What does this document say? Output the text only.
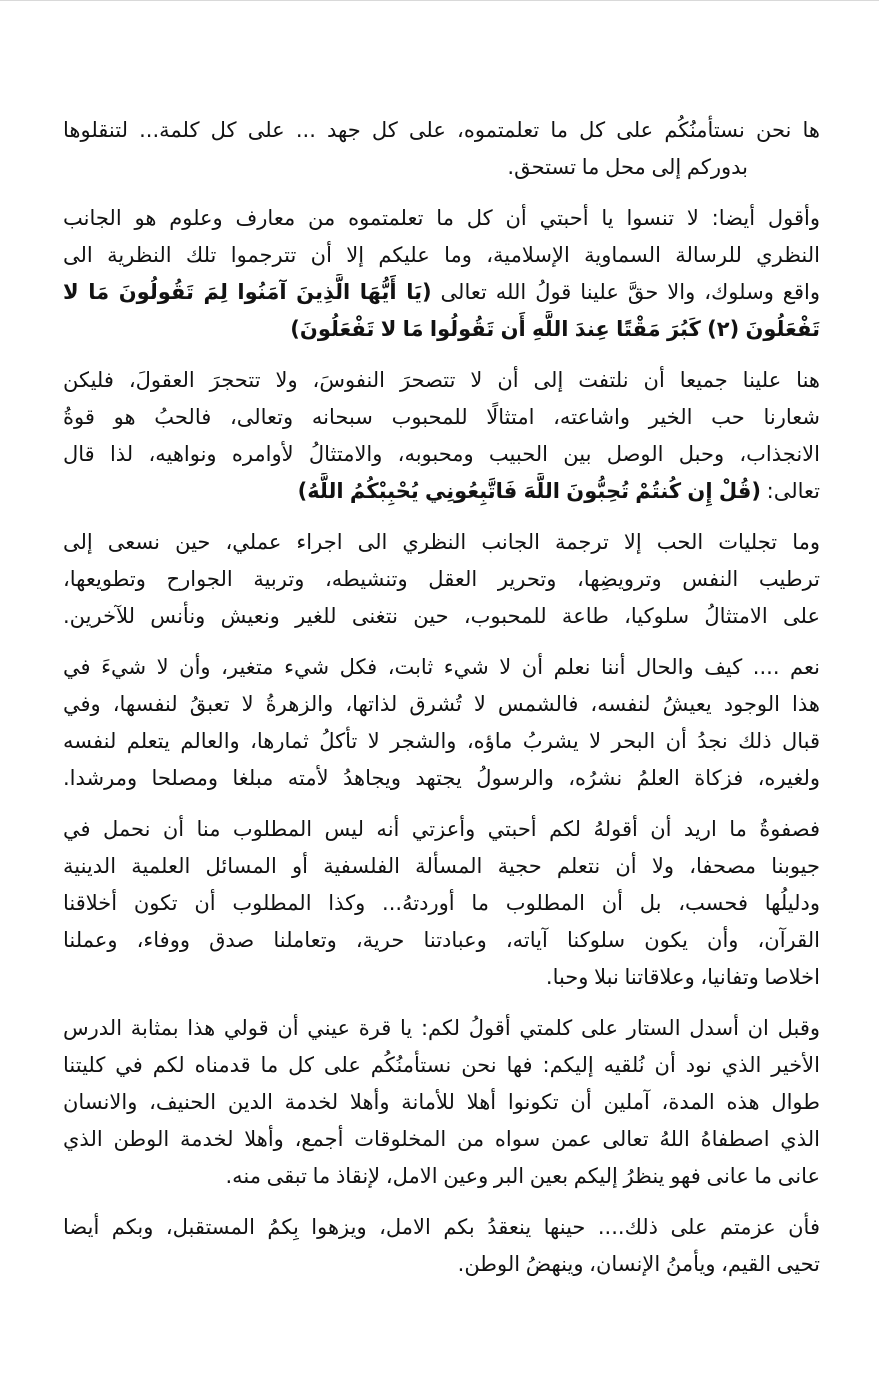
ها نحن نستأمنُكُم على كل ما تعلمتموه، على كل جهد ... على كل كلمة... لتنقلوها
بدوركم إلى محل ما تستحق.

وأقول أيضا: لا تنسوا يا أحبتي أن كل ما تعلمتموه من معارف وعلوم هو الجانب
النظري للرسالة السماوية الإسلامية، وما عليكم إلا أن تترجموا تلك النظرية الى
واقع وسلوك، والا حقَّ علينا قولُ الله تعالى (يَا أَيُّهَا الَّذِينَ آمَنُوا لِمَ تَقُولُونَ مَا لا
تَفْعَلُونَ (٢) كَبُرَ مَقْتًا عِندَ اللَّهِ أَن تَقُولُوا مَا لا تَفْعَلُونَ)

هنا علينا جميعا أن نلتفت إلى أن لا تتصحرَ النفوسَ، ولا تتحجرَ العقولَ، فليكن
شعارنا حب الخير واشاعته، امتثالًا للمحبوب سبحانه وتعالى، فالحبُ هو قوةُ
الانجذاب، وحبل الوصل بين الحبيب ومحبوبه، والامتثالُ لأوامره ونواهيه، لذا قال
تعالى: (قُلْ إِن كُنتُمْ تُحِبُّونَ اللَّهَ فَاتَّبِعُونِي يُحْبِبْكُمُ اللَّهُ)

وما تجليات الحب إلا ترجمة الجانب النظري الى اجراء عملي، حين نسعى إلى
ترطيب النفس وترويضِها، وتحرير العقل وتنشيطه، وتربية الجوارح وتطويعها،
على الامتثالُ سلوكيا، طاعة للمحبوب، حين نتغنى للغير ونعيش ونأنس للآخرين.

نعم .... كيف والحال أننا نعلم أن لا شيء ثابت، فكل شيء متغير، وأن لا شيءَ في
هذا الوجود يعيشُ لنفسه، فالشمس لا تُشرق لذاتها، والزهرةُ لا تعبقُ لنفسها، وفي
قبال ذلك نجدُ أن البحر لا يشربُ ماؤه، والشجر لا تأكلُ ثمارها، والعالم يتعلم لنفسه
ولغيره، فزكاة العلمُ نشرُه، والرسولُ يجتهد ويجاهدُ لأمته مبلغا ومصلحا ومرشدا.

فصفوةُ ما اريد أن أقولهُ لكم أحبتي وأعزتي أنه ليس المطلوب منا أن نحمل في
جيوبنا مصحفا، ولا أن نتعلم حجية المسألة الفلسفية أو المسائل العلمية الدينية
ودليلُها فحسب، بل أن المطلوب ما أوردتهُ... وكذا المطلوب أن تكون أخلاقنا
القرآن، وأن يكون سلوكنا آياته، وعبادتنا حرية، وتعاملنا صدق ووفاء، وعملنا
اخلاصا وتفانيا، وعلاقاتنا نبلا وحبا.

وقبل ان أسدل الستار على كلمتي أقولُ لكم: يا قرة عيني أن قولي هذا بمثابة الدرس
الأخير الذي نود أن نُلقيه إليكم: فها نحن نستأمنُكُم على كل ما قدمناه لكم في كليتنا
طوال هذه المدة، آملين أن تكونوا أهلا للأمانة وأهلا لخدمة الدين الحنيف، والانسان
الذي اصطفاهُ اللهُ تعالى عمن سواه من المخلوقات أجمع، وأهلا لخدمة الوطن الذي
عانى ما عانى فهو ينظرُ إليكم بعين البر وعين الامل، لإنقاذ ما تبقى منه.

فأن عزمتم على ذلك.... حينها ينعقدُ بكم الامل، ويزهوا بِكمُ المستقبل، وبكم أيضا
تحيى القيم، ويأمنُ الإنسان، وينهضُ الوطن.
